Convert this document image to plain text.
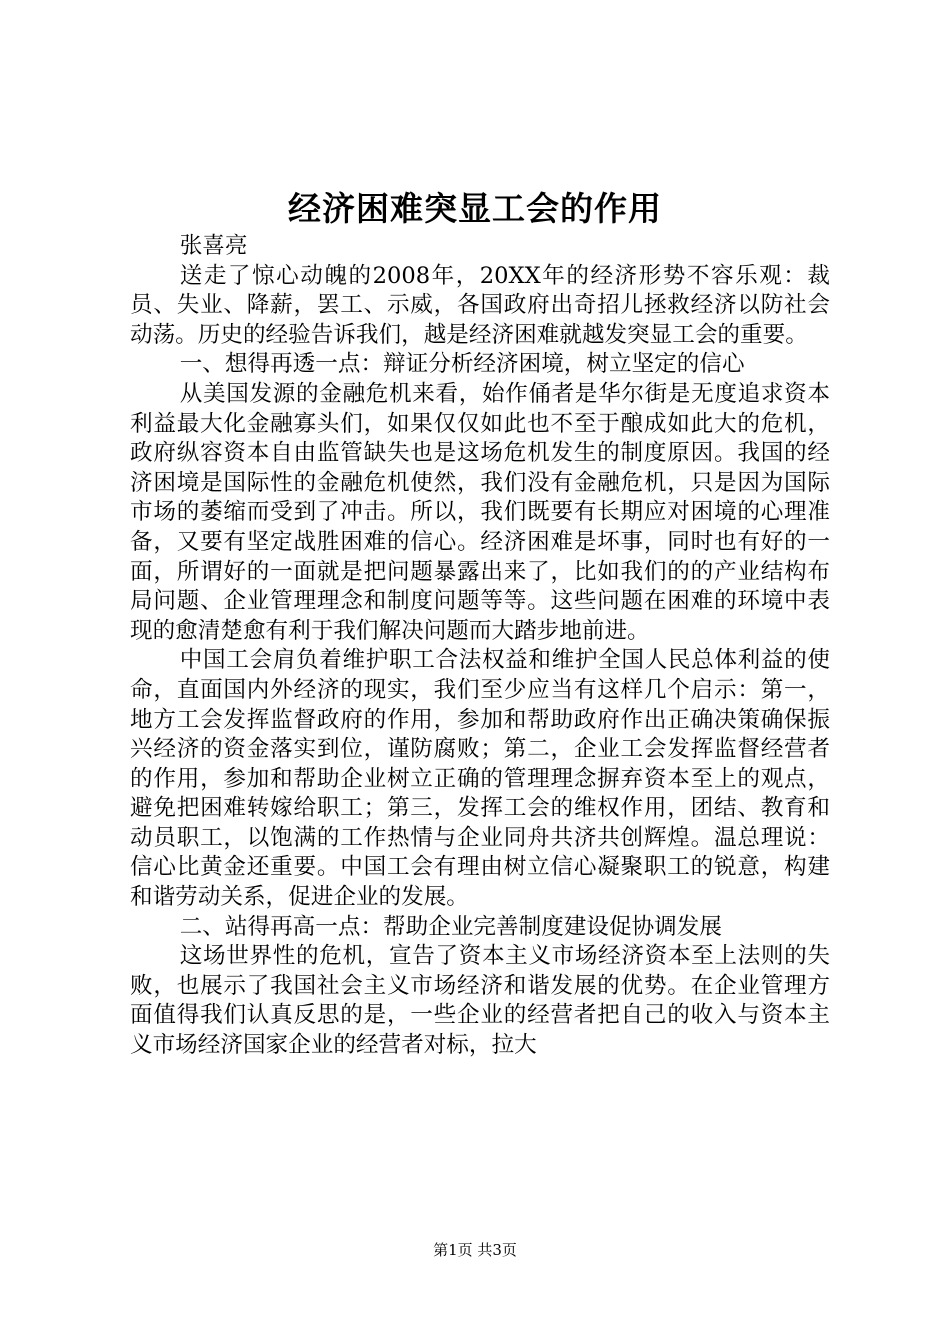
经济困难突显工会的作用

张喜亮

送走了惊心动魄的2008年，20XX年的经济形势不容乐观：裁员、失业、降薪，罢工、示威，各国政府出奇招儿拯救经济以防社会动荡。历史的经验告诉我们，越是经济困难就越发突显工会的重要。

一、想得再透一点：辩证分析经济困境，树立坚定的信心

从美国发源的金融危机来看，始作俑者是华尔街是无度追求资本利益最大化金融寡头们，如果仅仅如此也不至于酿成如此大的危机，政府纵容资本自由监管缺失也是这场危机发生的制度原因。我国的经济困境是国际性的金融危机使然，我们没有金融危机，只是因为国际市场的萎缩而受到了冲击。所以，我们既要有长期应对困境的心理准备，又要有坚定战胜困难的信心。经济困难是坏事，同时也有好的一面，所谓好的一面就是把问题暴露出来了，比如我们的的产业结构布局问题、企业管理理念和制度问题等等。这些问题在困难的环境中表现的愈清楚愈有利于我们解决问题而大踏步地前进。

中国工会肩负着维护职工合法权益和维护全国人民总体利益的使命，直面国内外经济的现实，我们至少应当有这样几个启示：第一，地方工会发挥监督政府的作用，参加和帮助政府作出正确决策确保振兴经济的资金落实到位，谨防腐败；第二，企业工会发挥监督经营者的作用，参加和帮助企业树立正确的管理理念摒弃资本至上的观点，避免把困难转嫁给职工；第三，发挥工会的维权作用，团结、教育和动员职工，以饱满的工作热情与企业同舟共济共创辉煌。温总理说：信心比黄金还重要。中国工会有理由树立信心凝聚职工的锐意，构建和谐劳动关系，促进企业的发展。

二、站得再高一点：帮助企业完善制度建设促协调发展

这场世界性的危机，宣告了资本主义市场经济资本至上法则的失败，也展示了我国社会主义市场经济和谐发展的优势。在企业管理方面值得我们认真反思的是，一些企业的经营者把自己的收入与资本主义市场经济国家企业的经营者对标，拉大

第1页 共3页
